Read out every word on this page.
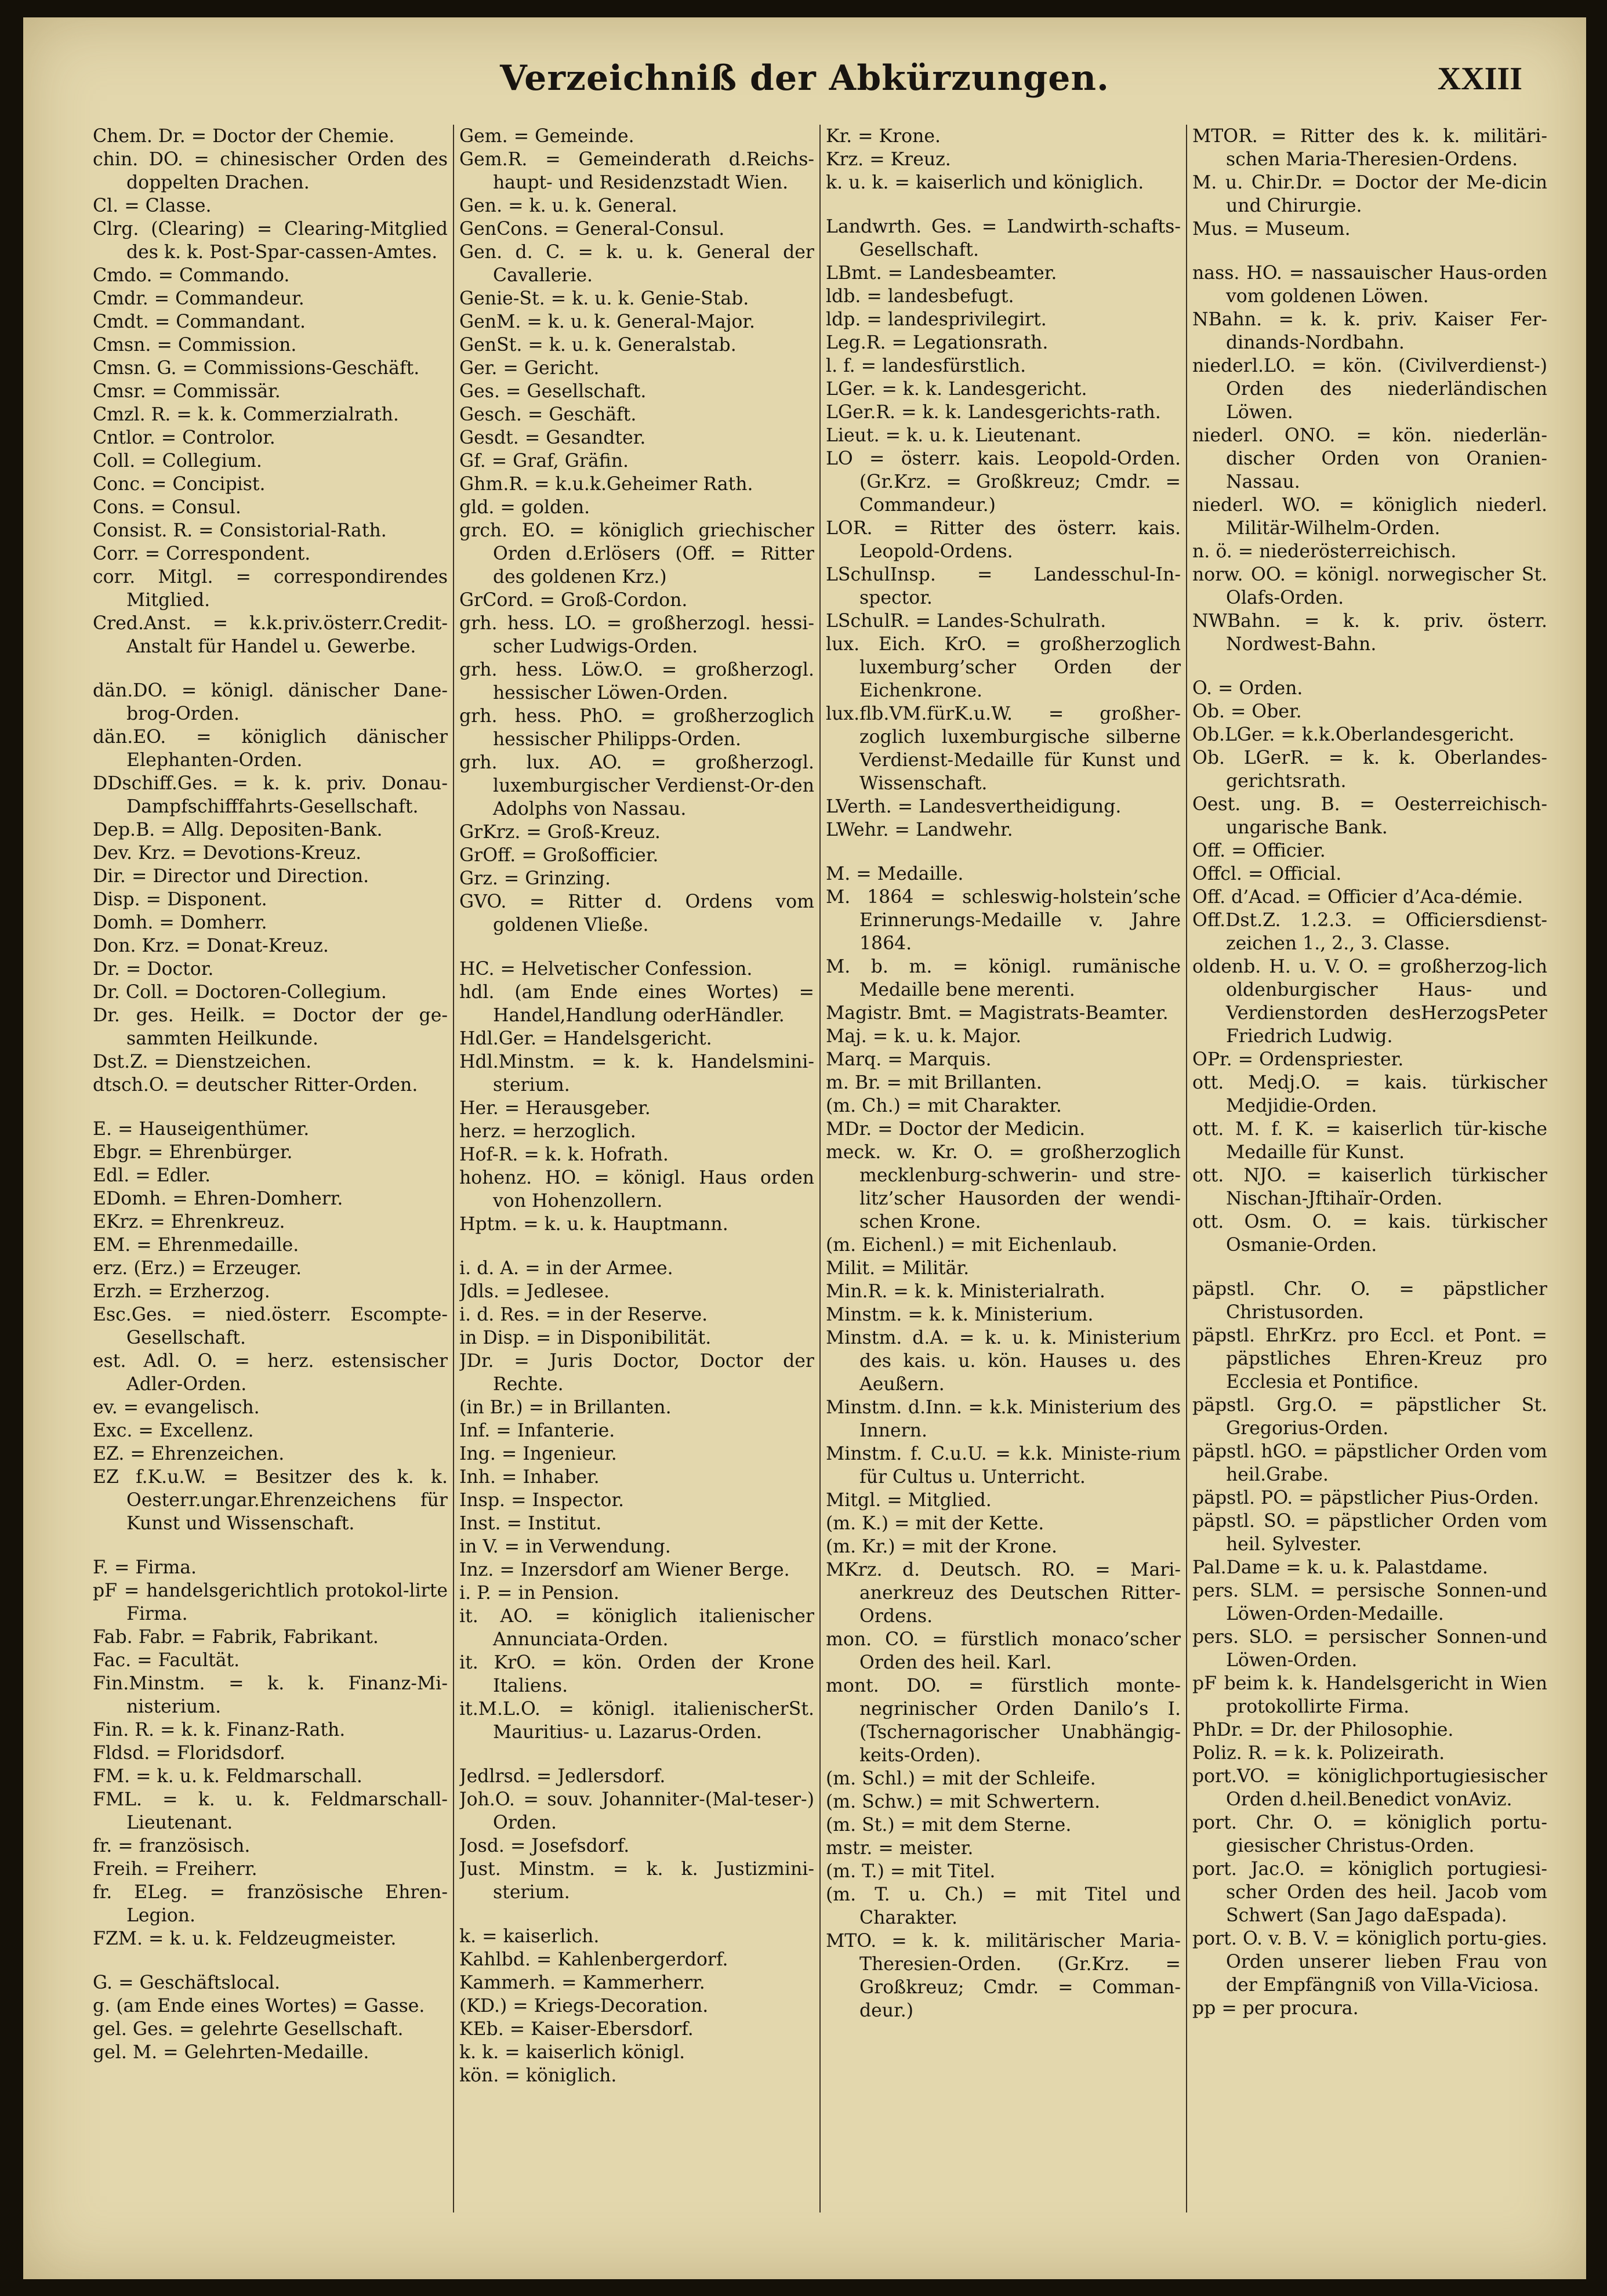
Verzeichniß der Abkürzungen.	XXIII

Chem. Dr. = Doctor der Chemie.

chin. DO. = chinesischer Orden des doppelten Drachen.

Cl. = Classe.

Clrg. (Clearing) = Clearing-Mitglied des k. k. Post-Spar-cassen-Amtes.

Cmdo. = Commando.

Cmdr. = Commandeur.

Cmdt. = Commandant.

Cmsn. = Commission.

Cmsn. G. = Commissions-Geschäft.

Cmsr. = Commissär.

Cmzl. R. = k. k. Commerzialrath.

Cntlor. = Controlor.

Coll. = Collegium.

Conc. = Concipist.

Cons. = Consul.

Consist. R. = Consistorial-Rath.

Corr. = Correspondent.

corr. Mitgl. = correspondirendes Mitglied.

Cred.Anst. = k.k.priv.österr.Credit-Anstalt für Handel u. Gewerbe.

dän.DO. = königl. dänischer Dane-brog-Orden.

dän.EO. = königlich dänischer Elephanten-Orden.

DDschiff.Ges. = k. k. priv. Donau-Dampfschifffahrts-Gesellschaft.

Dep.B. = Allg. Depositen-Bank.

Dev. Krz. = Devotions-Kreuz.

Dir. = Director und Direction.

Disp. = Disponent.

Domh. = Domherr.

Don. Krz. = Donat-Kreuz.

Dr. = Doctor.

Dr. Coll. = Doctoren-Collegium.

Dr. ges. Heilk. = Doctor der ge-sammten Heilkunde.

Dst.Z. = Dienstzeichen.

dtsch.O. = deutscher Ritter-Orden.

E. = Hauseigenthümer.

Ebgr. = Ehrenbürger.

Edl. = Edler.

EDomh. = Ehren-Domherr.

EKrz. = Ehrenkreuz.

EM. = Ehrenmedaille.

erz. (Erz.) = Erzeuger.

Erzh. = Erzherzog.

Esc.Ges. = nied.österr. Escompte-Gesellschaft.

est. Adl. O. = herz. estensischer Adler-Orden.

ev. = evangelisch.

Exc. = Excellenz.

EZ. = Ehrenzeichen.

EZ f.K.u.W. = Besitzer des k. k. Oesterr.ungar.Ehrenzeichens für Kunst und Wissenschaft.

F. = Firma.

pF = handelsgerichtlich protokol-lirte Firma.

Fab. Fabr. = Fabrik, Fabrikant.

Fac. = Facultät.

Fin.Minstm. = k. k. Finanz-Mi-nisterium.

Fin. R. = k. k. Finanz-Rath.

Fldsd. = Floridsdorf.

FM. = k. u. k. Feldmarschall.

FML. = k. u. k. Feldmarschall-Lieutenant.

fr. = französisch.

Freih. = Freiherr.

fr. ELeg. = französische Ehren-Legion.

FZM. = k. u. k. Feldzeugmeister.

G. = Geschäftslocal.

g. (am Ende eines Wortes) = Gasse.

gel. Ges. = gelehrte Gesellschaft.

gel. M. = Gelehrten-Medaille.

Gem. = Gemeinde.

Gem.R. = Gemeinderath d.Reichs-haupt- und Residenzstadt Wien.

Gen. = k. u. k. General.

GenCons. = General-Consul.

Gen. d. C. = k. u. k. General der Cavallerie.

Genie-St. = k. u. k. Genie-Stab.

GenM. = k. u. k. General-Major.

GenSt. = k. u. k. Generalstab.

Ger. = Gericht.

Ges. = Gesellschaft.

Gesch. = Geschäft.

Gesdt. = Gesandter.

Gf. = Graf, Gräfin.

Ghm.R. = k.u.k.Geheimer Rath.

gld. = golden.

grch. EO. = königlich griechischer Orden d.Erlösers (Off. = Ritter des goldenen Krz.)

GrCord. = Groß-Cordon.

grh. hess. LO. = großherzogl. hessi-scher Ludwigs-Orden.

grh. hess. Löw.O. = großherzogl. hessischer Löwen-Orden.

grh. hess. PhO. = großherzoglich hessischer Philipps-Orden.

grh. lux. AO. = großherzogl. luxemburgischer Verdienst-Or-den Adolphs von Nassau.

GrKrz. = Groß-Kreuz.

GrOff. = Großofficier.

Grz. = Grinzing.

GVO. = Ritter d. Ordens vom goldenen Vließe.

HC. = Helvetischer Confession.

hdl. (am Ende eines Wortes) = Handel,Handlung oderHändler.

Hdl.Ger. = Handelsgericht.

Hdl.Minstm. = k. k. Handelsmini-sterium.

Her. = Herausgeber.

herz. = herzoglich.

Hof-R. = k. k. Hofrath.

hohenz. HO. = königl. Haus orden von Hohenzollern.

Hptm. = k. u. k. Hauptmann.

i. d. A. = in der Armee.

Jdls. = Jedlesee.

i. d. Res. = in der Reserve.

in Disp. = in Disponibilität.

JDr. = Juris Doctor, Doctor der Rechte.

(in Br.) = in Brillanten.

Inf. = Infanterie.

Ing. = Ingenieur.

Inh. = Inhaber.

Insp. = Inspector.

Inst. = Institut.

in V. = in Verwendung.

Inz. = Inzersdorf am Wiener Berge.

i. P. = in Pension.

it. AO. = königlich italienischer Annunciata-Orden.

it. KrO. = kön. Orden der Krone Italiens.

it.M.L.O. = königl. italienischerSt. Mauritius- u. Lazarus-Orden.

Jedlrsd. = Jedlersdorf.

Joh.O. = souv. Johanniter-(Mal-teser-) Orden.

Josd. = Josefsdorf.

Just. Minstm. = k. k. Justizmini-sterium.

k. = kaiserlich.

Kahlbd. = Kahlenbergerdorf.

Kammerh. = Kammerherr.

(KD.) = Kriegs-Decoration.

KEb. = Kaiser-Ebersdorf.

k. k. = kaiserlich königl.

kön. = königlich.

Kr. = Krone.

Krz. = Kreuz.

k. u. k. = kaiserlich und königlich.

Landwrth. Ges. = Landwirth-schafts-Gesellschaft.

LBmt. = Landesbeamter.

ldb. = landesbefugt.

ldp. = landesprivilegirt.

Leg.R. = Legationsrath.

l. f. = landesfürstlich.

LGer. = k. k. Landesgericht.

LGer.R. = k. k. Landesgerichts-rath.

Lieut. = k. u. k. Lieutenant.

LO = österr. kais. Leopold-Orden. (Gr.Krz. = Großkreuz; Cmdr. = Commandeur.)

LOR. = Ritter des österr. kais. Leopold-Ordens.

LSchulInsp. = Landesschul-In-spector.

LSchulR. = Landes-Schulrath.

lux. Eich. KrO. = großherzoglich luxemburg’scher Orden der Eichenkrone.

lux.flb.VM.fürK.u.W. = großher-zoglich luxemburgische silberne Verdienst-Medaille für Kunst und Wissenschaft.

LVerth. = Landesvertheidigung.

LWehr. = Landwehr.

M. = Medaille.

M. 1864 = schleswig-holstein’sche Erinnerungs-Medaille v. Jahre 1864.

M. b. m. = königl. rumänische Medaille bene merenti.

Magistr. Bmt. = Magistrats-Beamter.

Maj. = k. u. k. Major.

Marq. = Marquis.

m. Br. = mit Brillanten.

(m. Ch.) = mit Charakter.

MDr. = Doctor der Medicin.

meck. w. Kr. O. = großherzoglich mecklenburg-schwerin- und stre-litz’scher Hausorden der wendi-schen Krone.

(m. Eichenl.) = mit Eichenlaub.

Milit. = Militär.

Min.R. = k. k. Ministerialrath.

Minstm. = k. k. Ministerium.

Minstm. d.A. = k. u. k. Ministerium des kais. u. kön. Hauses u. des Aeußern.

Minstm. d.Inn. = k.k. Ministerium des Innern.

Minstm. f. C.u.U. = k.k. Ministe-rium für Cultus u. Unterricht.

Mitgl. = Mitglied.

(m. K.) = mit der Kette.

(m. Kr.) = mit der Krone.

MKrz. d. Deutsch. RO. = Mari-anerkreuz des Deutschen Ritter-Ordens.

mon. CO. = fürstlich monaco’scher Orden des heil. Karl.

mont. DO. = fürstlich monte-negrinischer Orden Danilo’s I. (Tschernagorischer Unabhängig-keits-Orden).

(m. Schl.) = mit der Schleife.

(m. Schw.) = mit Schwertern.

(m. St.) = mit dem Sterne.

mstr. = meister.

(m. T.) = mit Titel.

(m. T. u. Ch.) = mit Titel und Charakter.

MTO. = k. k. militärischer Maria-Theresien-Orden. (Gr.Krz. = Großkreuz; Cmdr. = Comman-deur.)

MTOR. = Ritter des k. k. militäri-schen Maria-Theresien-Ordens.

M. u. Chir.Dr. = Doctor der Me-dicin und Chirurgie.

Mus. = Museum.

nass. HO. = nassauischer Haus-orden vom goldenen Löwen.

NBahn. = k. k. priv. Kaiser Fer-dinands-Nordbahn.

niederl.LO. = kön. (Civilverdienst-) Orden des niederländischen Löwen.

niederl. ONO. = kön. niederlän-discher Orden von Oranien-Nassau.

niederl. WO. = königlich niederl. Militär-Wilhelm-Orden.

n. ö. = niederösterreichisch.

norw. OO. = königl. norwegischer St. Olafs-Orden.

NWBahn. = k. k. priv. österr. Nordwest-Bahn.

O. = Orden.

Ob. = Ober.

Ob.LGer. = k.k.Oberlandesgericht.

Ob. LGerR. = k. k. Oberlandes-gerichtsrath.

Oest. ung. B. = Oesterreichisch-ungarische Bank.

Off. = Officier.

Offcl. = Official.

Off. d’Acad. = Officier d’Aca-démie.

Off.Dst.Z. 1.2.3. = Officiersdienst-zeichen 1., 2., 3. Classe.

oldenb. H. u. V. O. = großherzog-lich oldenburgischer Haus- und Verdienstorden desHerzogsPeter Friedrich Ludwig.

OPr. = Ordenspriester.

ott. Medj.O. = kais. türkischer Medjidie-Orden.

ott. M. f. K. = kaiserlich tür-kische Medaille für Kunst.

ott. NJO. = kaiserlich türkischer Nischan-Jftihaïr-Orden.

ott. Osm. O. = kais. türkischer Osmanie-Orden.

päpstl. Chr. O. = päpstlicher Christusorden.

päpstl. EhrKrz. pro Eccl. et Pont. = päpstliches Ehren-Kreuz pro Ecclesia et Pontifice.

päpstl. Grg.O. = päpstlicher St. Gregorius-Orden.

päpstl. hGO. = päpstlicher Orden vom heil.Grabe.

päpstl. PO. = päpstlicher Pius-Orden.

päpstl. SO. = päpstlicher Orden vom heil. Sylvester.

Pal.Dame = k. u. k. Palastdame.

pers. SLM. = persische Sonnen-und Löwen-Orden-Medaille.

pers. SLO. = persischer Sonnen-und Löwen-Orden.

pF beim k. k. Handelsgericht in Wien protokollirte Firma.

PhDr. = Dr. der Philosophie.

Poliz. R. = k. k. Polizeirath.

port.VO. = königlichportugiesischer Orden d.heil.Benedict vonAviz.

port. Chr. O. = königlich portu-giesischer Christus-Orden.

port. Jac.O. = königlich portugiesi-scher Orden des heil. Jacob vom Schwert (San Jago daEspada).

port. O. v. B. V. = königlich portu-gies. Orden unserer lieben Frau von der Empfängniß von Villa-Viciosa.

pp = per procura.
